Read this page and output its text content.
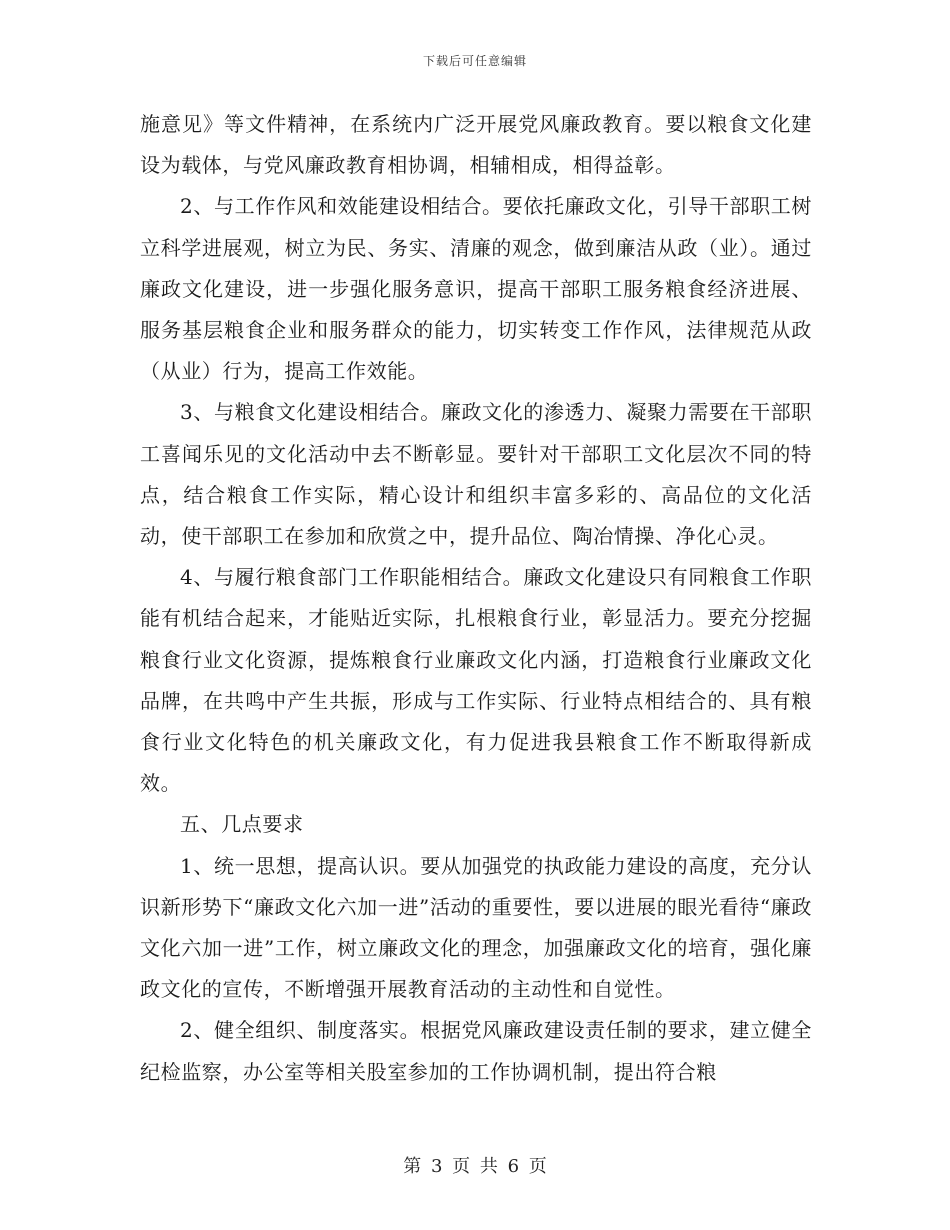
下载后可任意编辑

施意见》等文件精神，在系统内广泛开展党风廉政教育。要以粮食文化建设为载体，与党风廉政教育相协调，相辅相成，相得益彰。

2、与工作作风和效能建设相结合。要依托廉政文化，引导干部职工树立科学进展观，树立为民、务实、清廉的观念，做到廉洁从政（业）。通过廉政文化建设，进一步强化服务意识，提高干部职工服务粮食经济进展、服务基层粮食企业和服务群众的能力，切实转变工作作风，法律规范从政（从业）行为，提高工作效能。

3、与粮食文化建设相结合。廉政文化的渗透力、凝聚力需要在干部职工喜闻乐见的文化活动中去不断彰显。要针对干部职工文化层次不同的特点，结合粮食工作实际，精心设计和组织丰富多彩的、高品位的文化活动，使干部职工在参加和欣赏之中，提升品位、陶冶情操、净化心灵。

4、与履行粮食部门工作职能相结合。廉政文化建设只有同粮食工作职能有机结合起来，才能贴近实际，扎根粮食行业，彰显活力。要充分挖掘粮食行业文化资源，提炼粮食行业廉政文化内涵，打造粮食行业廉政文化品牌，在共鸣中产生共振，形成与工作实际、行业特点相结合的、具有粮食行业文化特色的机关廉政文化，有力促进我县粮食工作不断取得新成效。

五、几点要求

1、统一思想，提高认识。要从加强党的执政能力建设的高度，充分认识新形势下“廉政文化六加一进”活动的重要性，要以进展的眼光看待“廉政文化六加一进”工作，树立廉政文化的理念，加强廉政文化的培育，强化廉政文化的宣传，不断增强开展教育活动的主动性和自觉性。

2、健全组织、制度落实。根据党风廉政建设责任制的要求，建立健全纪检监察，办公室等相关股室参加的工作协调机制，提出符合粮

第 3 页 共 6 页
